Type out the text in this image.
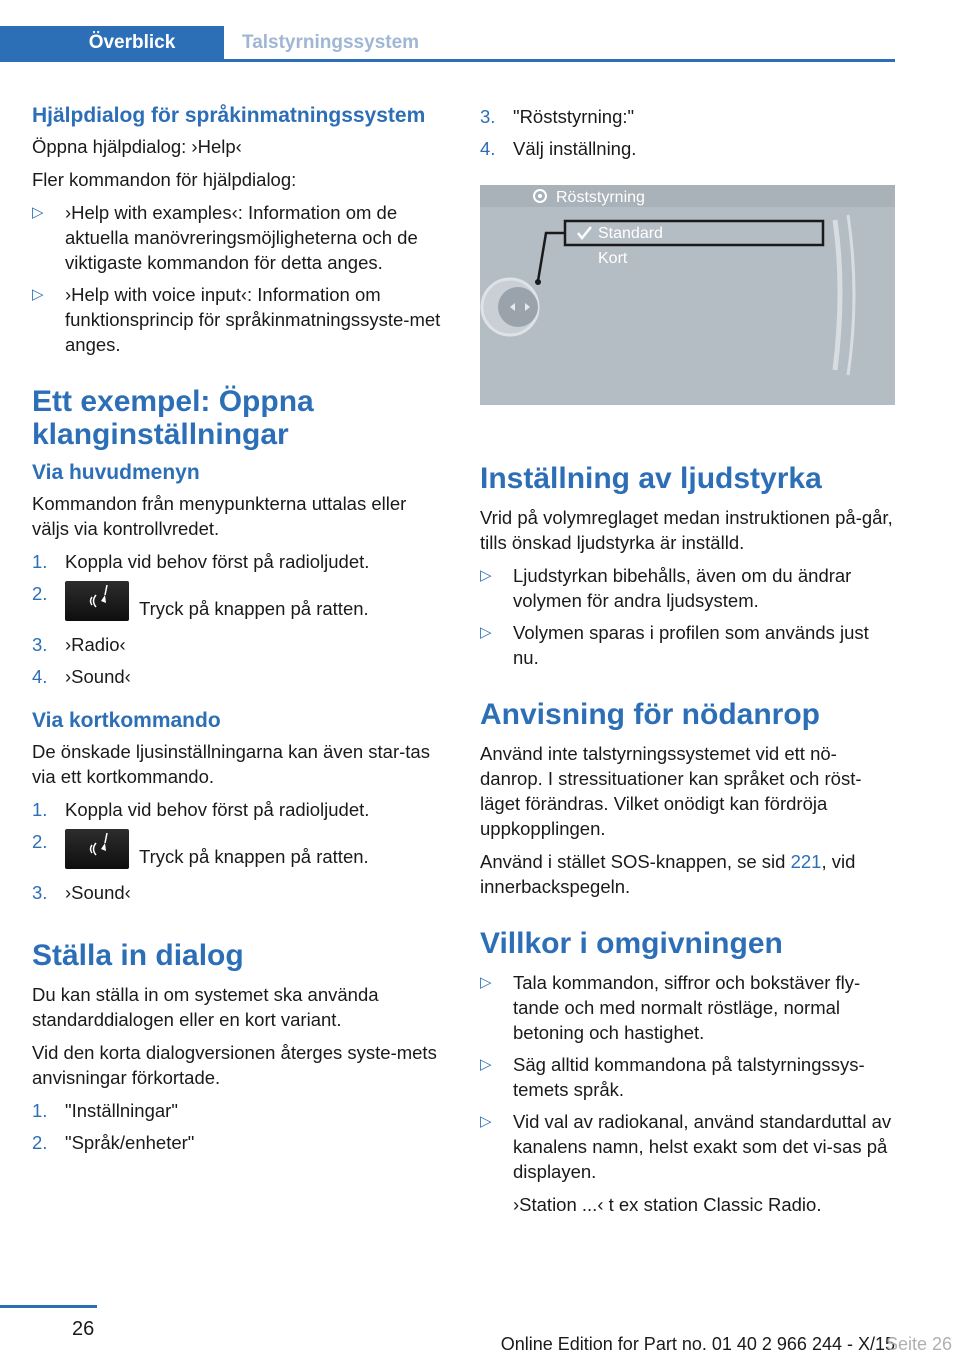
Överblick	Talstyrningssystem
Hjälpdialog för språkinmatningssystem

Öppna hjälpdialog: ›Help‹

Fler kommandon för hjälpdialog:

▷ ›Help with examples‹: Information om de aktuella manövreringsmöjligheterna och de viktigaste kommandon för detta anges.
▷ ›Help with voice input‹: Information om funktionsprincip för språkinmatningssyste‐met anges.
Ett exempel: Öppna klanginställningar
Via huvudmenyn

Kommandon från menypunkterna uttalas eller väljs via kontrollvredet.

1. Koppla vid behov först på radioljudet.
2.
Tryck på knappen på ratten.
3. ›Radio‹
4. ›Sound‹
Via kortkommando

De önskade ljusinställningarna kan även star‐tas via ett kortkommando.

1. Koppla vid behov först på radioljudet.
2.
Tryck på knappen på ratten.
3. ›Sound‹
Ställa in dialog

Du kan ställa in om systemet ska använda standarddialogen eller en kort variant.

Vid den korta dialogversionen återges syste‐mets anvisningar förkortade.

1. "Inställningar"
2. "Språk/enheter"
3. "Röststyrning:"
4. Välj inställning.
Röststyrning
Standard
Kort
Inställning av ljudstyrka

Vrid på volymreglaget medan instruktionen på‐går, tills önskad ljudstyrka är inställd.

▷ Ljudstyrkan bibehålls, även om du ändrar volymen för andra ljudsystem.
▷ Volymen sparas i profilen som används just nu.
Anvisning för nödanrop

Använd inte talstyrningssystemet vid ett nö‐danrop. I stressituationer kan språket och röst‐läget förändras. Vilket onödigt kan fördröja uppkopplingen.

Använd i stället SOS-knappen, se sid 221, vid innerbackspegeln.

Villkor i omgivningen
▷ Tala kommandon, siffror och bokstäver fly‐tande och med normalt röstläge, normal betoning och hastighet.
▷ Säg alltid kommandona på talstyrningssys‐temets språk.
▷ Vid val av radiokanal, använd standarduttal av kanalens namn, helst exakt som det vi‐sas på displayen.
›Station ...‹ t ex station Classic Radio.
26
Online Edition for Part no. 01 40 2 966 244 - X/15
Seite 26
